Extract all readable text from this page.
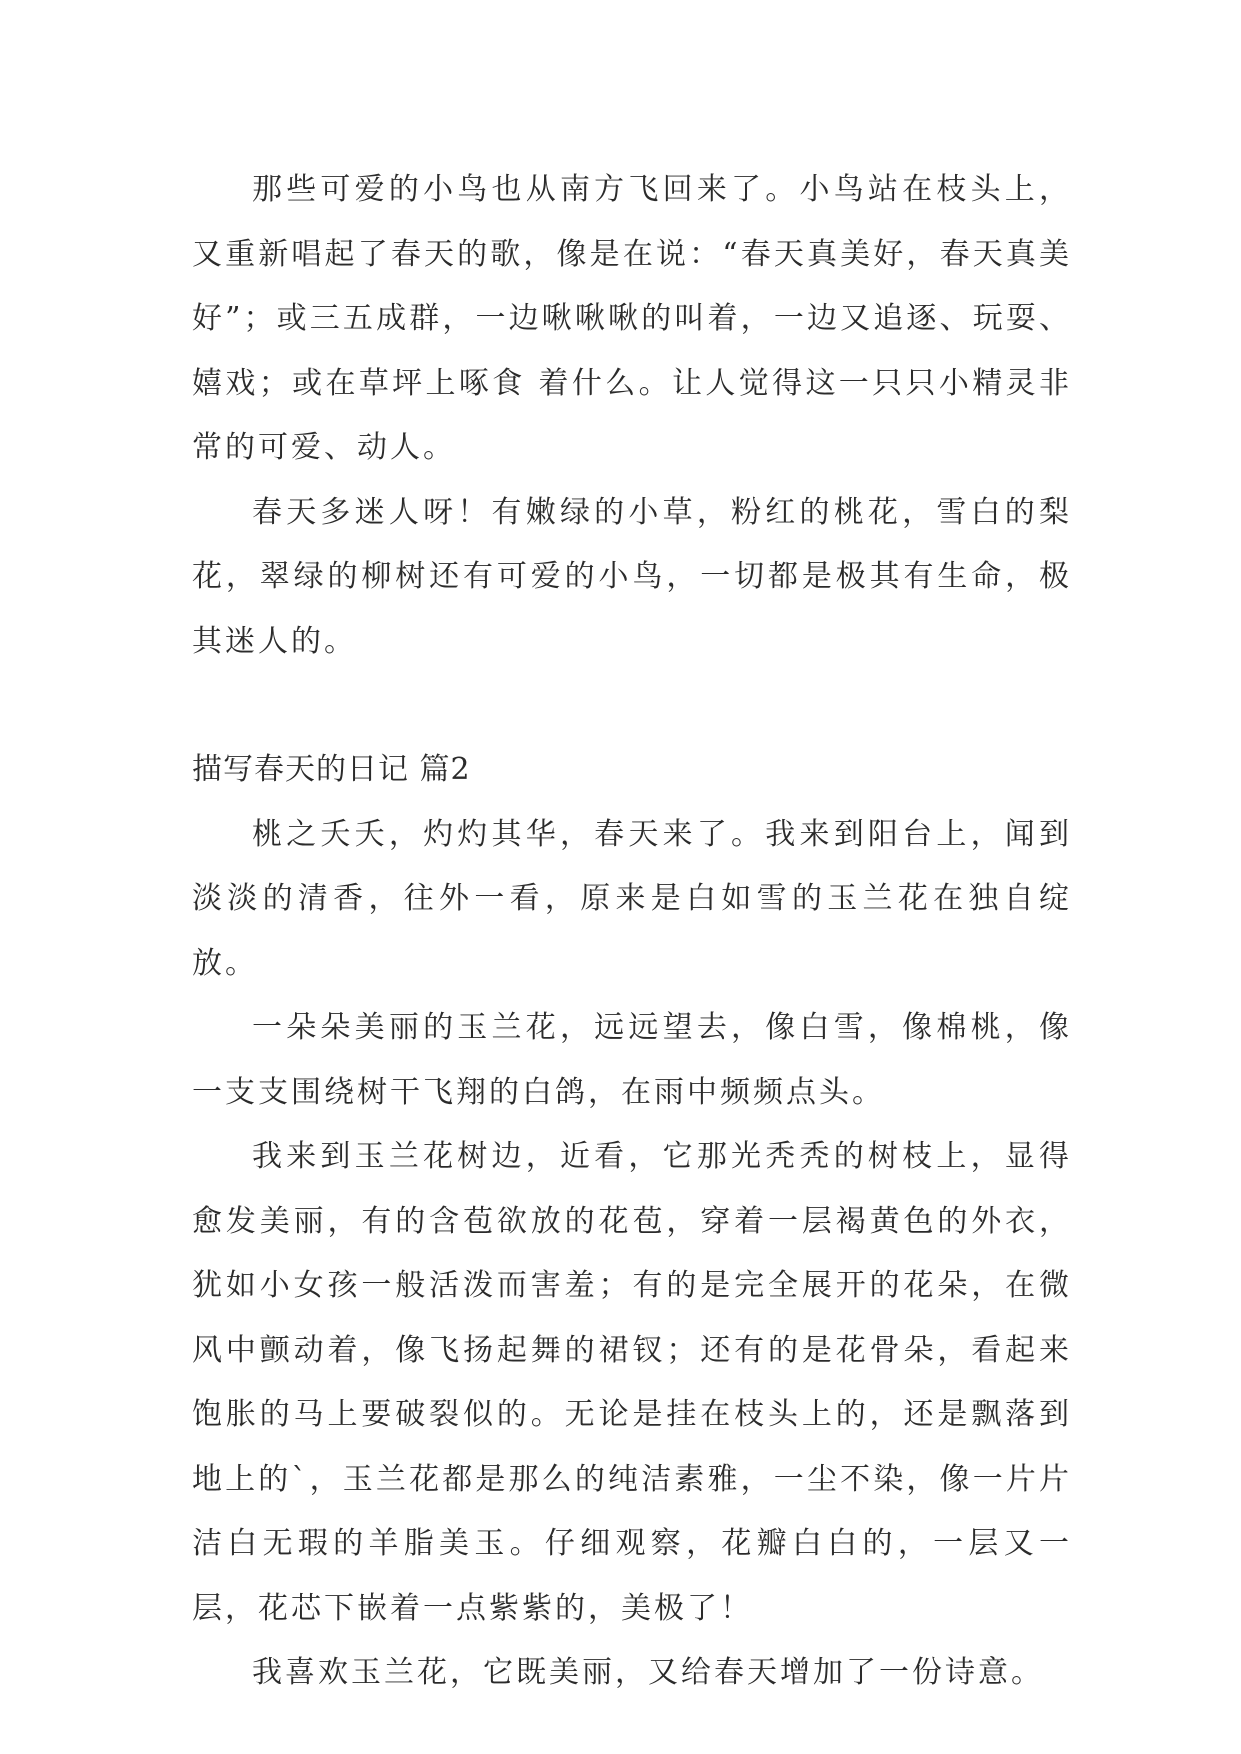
那些可爱的小鸟也从南方飞回来了。小鸟站在枝头上，又重新唱起了春天的歌，像是在说：“春天真美好，春天真美好”；或三五成群，一边啾啾啾的叫着，一边又追逐、玩耍、嬉戏；或在草坪上啄食 着什么。让人觉得这一只只小精灵非常的可爱、动人。

春天多迷人呀！有嫩绿的小草，粉红的桃花，雪白的梨花，翠绿的柳树还有可爱的小鸟，一切都是极其有生命，极其迷人的。

描写春天的日记 篇2

桃之夭夭，灼灼其华，春天来了。我来到阳台上，闻到淡淡的清香，往外一看，原来是白如雪的玉兰花在独自绽放。

一朵朵美丽的玉兰花，远远望去，像白雪，像棉桃，像一支支围绕树干飞翔的白鸽，在雨中频频点头。

我来到玉兰花树边，近看，它那光秃秃的树枝上，显得愈发美丽，有的含苞欲放的花苞，穿着一层褐黄色的外衣，犹如小女孩一般活泼而害羞；有的是完全展开的花朵，在微风中颤动着，像飞扬起舞的裙钗；还有的是花骨朵，看起来饱胀的马上要破裂似的。无论是挂在枝头上的，还是飘落到地上的`，玉兰花都是那么的纯洁素雅，一尘不染，像一片片洁白无瑕的羊脂美玉。仔细观察，花瓣白白的，一层又一层，花芯下嵌着一点紫紫的，美极了！

我喜欢玉兰花，它既美丽，又给春天增加了一份诗意。
